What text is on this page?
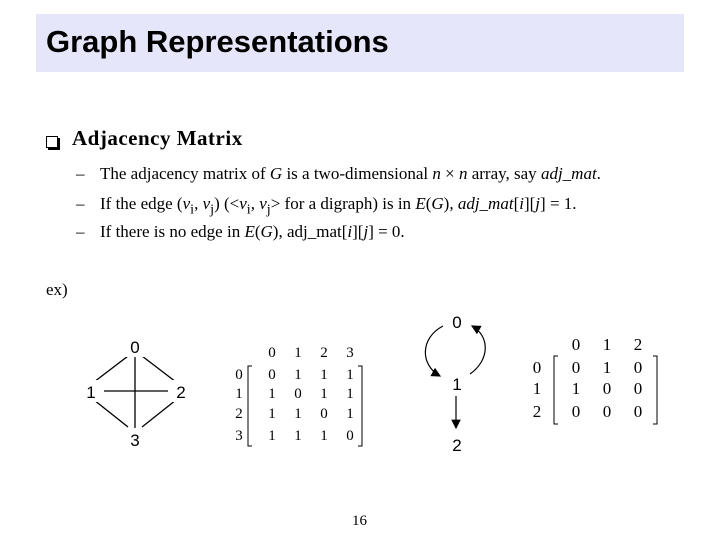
Graph Representations
Adjacency Matrix
– The adjacency matrix of G is a two-dimensional n × n array, say adj_mat.
– If the edge ($v_i$, $v_j$) ($<v_i$, $v_j>$ for a digraph) is in E(G), adj_mat[i][j] = 1.
– If there is no edge in E(G), adj_mat[i][j] = 0.
ex)
0
1	2
3
0 1 2 3
0 0 1 1 1
1 1 0 1 1
2 1 1 0 1
3 1 1 1 0
0
1
2
0 1 2
0 0 1 0
1 1 0 0
2 0 0 0
16
